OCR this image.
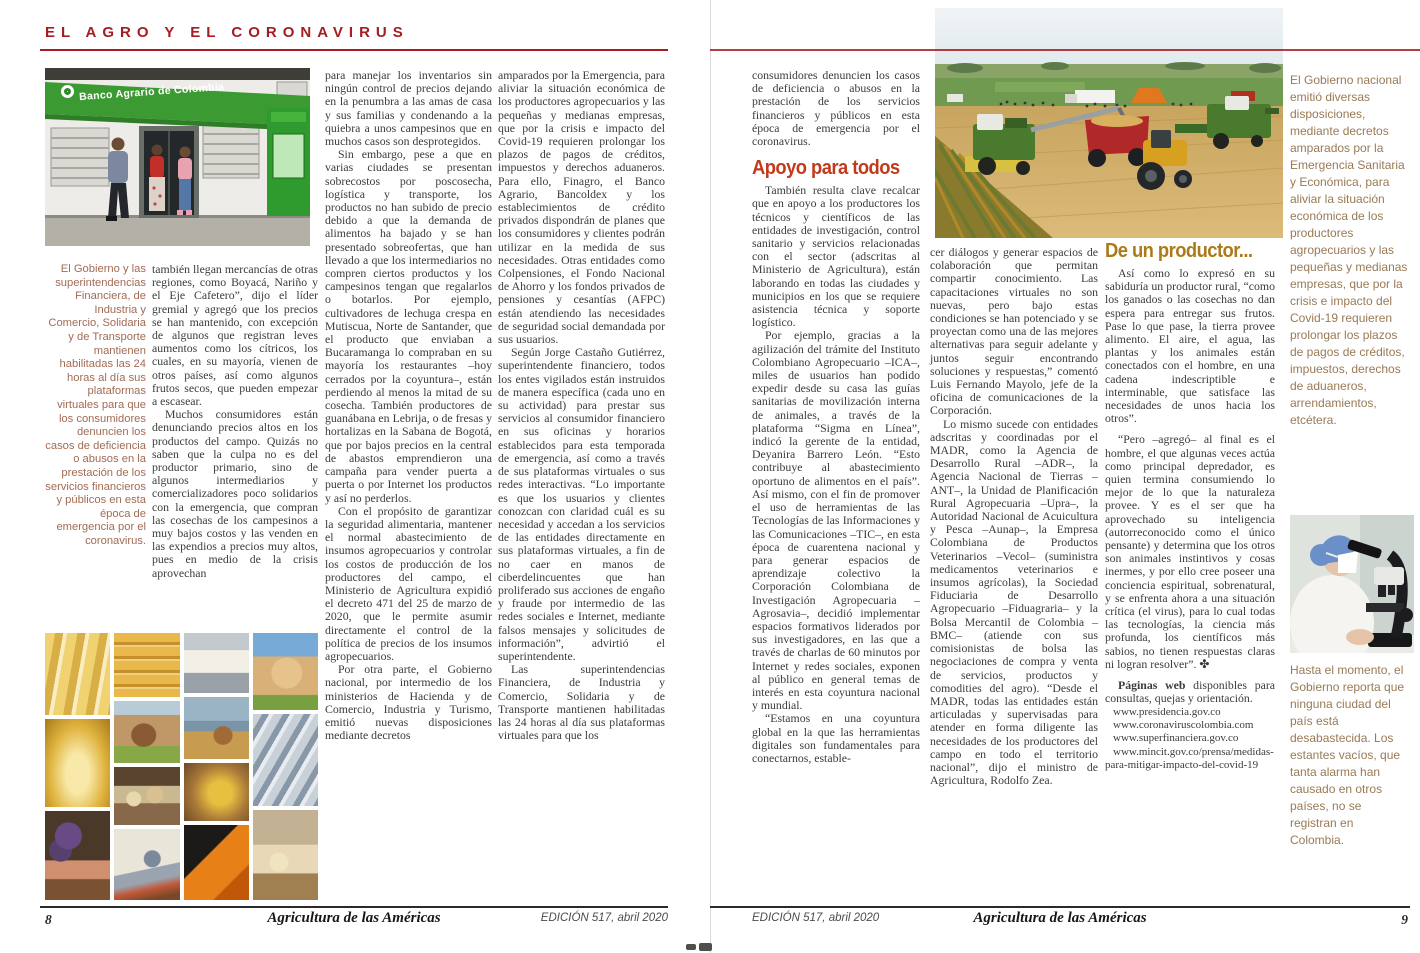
EL AGRO Y EL CORONAVIRUS
Banco Agrario de Colombia
El Gobierno y las superintendencias Financiera, de Industria y Comercio, Solidaria y de Transporte mantienen habilitadas las 24 horas al día sus plataformas virtuales para que los consumidores denuncien los casos de deficiencia o abusos en la prestación de los servicios financieros y públicos en esta época de emergencia por el coronavirus.

también llegan mercancías de otras regiones, como Boyacá, Nariño y el Eje Cafetero”, dijo el líder gremial y agregó que los precios se han mantenido, con excepción de algunos que registran leves aumentos como los cítricos, los cuales, en su mayoría, vienen de otros países, así como algunos frutos secos, que pueden empezar a escasear.

Muchos consumidores están denunciando precios altos en los productos del campo. Quizás no saben que la culpa no es del productor primario, sino de algunos intermediarios y comercializadores poco solidarios con la emergencia, que compran las cosechas de los campesinos a muy bajos costos y las venden en las expendios a precios muy altos, pues en medio de la crisis aprovechan

para manejar los inventarios sin ningún control de precios dejando en la penumbra a las amas de casa y sus familias y condenando a la quiebra a unos campesinos que en muchos casos son desprotegidos.

Sin embargo, pese a que en varias ciudades se presentan sobrecostos por poscosecha, logística y transporte, los productos no han subido de precio debido a que la demanda de alimentos ha bajado y se han presentado sobreofertas, que han llevado a que los intermediarios no compren ciertos productos y los campesinos tengan que regalarlos o botarlos. Por ejemplo, cultivadores de lechuga crespa en Mutiscua, Norte de Santander, que el producto que enviaban a Bucaramanga lo compraban en su mayoría los restaurantes –hoy cerrados por la coyuntura–, están perdiendo al menos la mitad de su cosecha. También productores de guanábana en Lebrija, o de fresas y hortalizas en la Sabana de Bogotá, que por bajos precios en la central de abastos emprendieron una campaña para vender puerta a puerta o por Internet los productos y así no perderlos.

Con el propósito de garantizar la seguridad alimentaria, mantener el normal abastecimiento de insumos agropecuarios y controlar los costos de producción de los productores del campo, el Ministerio de Agricultura expidió el decreto 471 del 25 de marzo de 2020, que le permite asumir directamente el control de la política de precios de los insumos agropecuarios.

Por otra parte, el Gobierno nacional, por intermedio de los ministerios de Hacienda y de Comercio, Industria y Turismo, emitió nuevas disposiciones mediante decretos

amparados por la Emergencia, para aliviar la situación económica de los productores agropecuarios y las pequeñas y medianas empresas, que por la crisis e impacto del Covid-19 requieren prolongar los plazos de pagos de créditos, impuestos y derechos aduaneros. Para ello, Finagro, el Banco Agrario, Bancoldex y los establecimientos de crédito privados dispondrán de planes que los consumidores y clientes podrán utilizar en la medida de sus necesidades. Otras entidades como Colpensiones, el Fondo Nacional de Ahorro y los fondos privados de pensiones y cesantías (AFPC) están atendiendo las necesidades de seguridad social demandada por sus usuarios.

Según Jorge Castaño Gutiérrez, superintendente financiero, todos los entes vigilados están instruidos de manera específica (cada uno en su actividad) para prestar sus servicios al consumidor financiero en sus oficinas y horarios establecidos para esta temporada de emergencia, así como a través de sus plataformas virtuales o sus redes interactivas. “Lo importante es que los usuarios y clientes conozcan con claridad cuál es su necesidad y accedan a los servicios de las entidades directamente en sus plataformas virtuales, a fin de no caer en manos de ciberdelincuentes que han proliferado sus acciones de engaño y fraude por intermedio de las redes sociales e Internet, mediante falsos mensajes y solicitudes de información”, advirtió el superintendente.

Las superintendencias Financiera, de Industria y Comercio, Solidaria y de Transporte mantienen habilitadas las 24 horas al día sus plataformas virtuales para que los

8	Agricultura de las Américas	EDICIÓN 517, abril 2020

consumidores denuncien los casos de deficiencia o abusos en la prestación de los servicios financieros y públicos en esta época de emergencia por el coronavirus.

Apoyo para todos

También resulta clave recalcar que en apoyo a los productores los técnicos y científicos de las entidades de investigación, control sanitario y servicios relacionadas con el sector (adscritas al Ministerio de Agricultura), están laborando en todas las ciudades y municipios en los que se requiere asistencia técnica y soporte logístico.

Por ejemplo, gracias a la agilización del trámite del Instituto Colombiano Agropecuario –ICA–, miles de usuarios han podido expedir desde su casa las guías sanitarias de movilización interna de animales, a través de la plataforma “Sigma en Línea”, indicó la gerente de la entidad, Deyanira Barrero León. “Esto contribuye al abastecimiento oportuno de alimentos en el país”. Así mismo, con el fin de promover el uso de herramientas de las Tecnologías de las Informaciones y las Comunicaciones –TIC–, en esta época de cuarentena nacional y para generar espacios de aprendizaje colectivo la Corporación Colombiana de Investigación Agropecuaria –Agrosavia–, decidió implementar espacios formativos liderados por sus investigadores, en las que a través de charlas de 60 minutos por Internet y redes sociales, exponen al público en general temas de interés en esta coyuntura nacional y mundial.

“Estamos en una coyuntura global en la que las herramientas digitales son fundamentales para conectarnos, estable-

cer diálogos y generar espacios de colaboración que permitan compartir conocimiento. Las capacitaciones virtuales no son nuevas, pero bajo estas condiciones se han potenciado y se proyectan como una de las mejores alternativas para seguir adelante y juntos seguir encontrando soluciones y respuestas,” comentó Luis Fernando Mayolo, jefe de la oficina de comunicaciones de la Corporación.

Lo mismo sucede con entidades adscritas y coordinadas por el MADR, como la Agencia de Desarrollo Rural –ADR–, la Agencia Nacional de Tierras –ANT–, la Unidad de Planificación Rural Agropecuaria –Upra–, la Autoridad Nacional de Acuicultura y Pesca –Aunap–, la Empresa Colombiana de Productos Veterinarios –Vecol– (suministra medicamentos veterinarios e insumos agrícolas), la Sociedad Fiduciaria de Desarrollo Agropecuario –Fiduagraria– y la Bolsa Mercantil de Colombia –BMC– (atiende con sus comisionistas de bolsa las negociaciones de compra y venta de servicios, productos y comodities del agro). “Desde el MADR, todas las entidades están articuladas y supervisadas para atender en forma diligente las necesidades de los productores del campo en todo el territorio nacional”, dijo el ministro de Agricultura, Rodolfo Zea.

De un productor...

Así como lo expresó en su sabiduría un productor rural, “como los ganados o las cosechas no dan espera para entregar sus frutos. Pase lo que pase, la tierra provee alimento. El aire, el agua, las plantas y los animales están conectados con el hombre, en una cadena indescriptible e interminable, que satisface las necesidades de unos hacia los otros”.

“Pero –agregó– al final es el hombre, el que algunas veces actúa como principal depredador, es quien termina consumiendo lo mejor de lo que la naturaleza provee. Y es el ser que ha aprovechado su inteligencia (autorreconocido como el único pensante) y determina que los otros son animales instintivos y cosas inermes, y por ello cree poseer una conciencia espiritual, sobrenatural, y se enfrenta ahora a una situación crítica (el virus), para lo cual todas las tecnologías, la ciencia más profunda, los científicos más sabios, no tienen respuestas claras ni logran resolver”. ✤

Páginas web disponibles para consultas, quejas y orientación.

www.presidencia.gov.co
www.coronaviruscolombia.com
www.superfinanciera.gov.co
www.mincit.gov.co/prensa/medidas-para-mitigar-impacto-del-covid-19
El Gobierno nacional emitió diversas disposiciones, mediante decretos amparados por la Emergencia Sanitaria y Económica, para aliviar la situación económica de los productores agropecuarios y las pequeñas y medianas empresas, que por la crisis e impacto del Covid-19 requieren prolongar los plazos de pagos de créditos, impuestos, derechos de aduaneros, arrendamientos, etcétera.
Hasta el momento, el Gobierno reporta que ninguna ciudad del país está desabastecida. Los estantes vacíos, que tanta alarma han causado en otros países, no se registran en Colombia.
EDICIÓN 517, abril 2020	Agricultura de las Américas	9
